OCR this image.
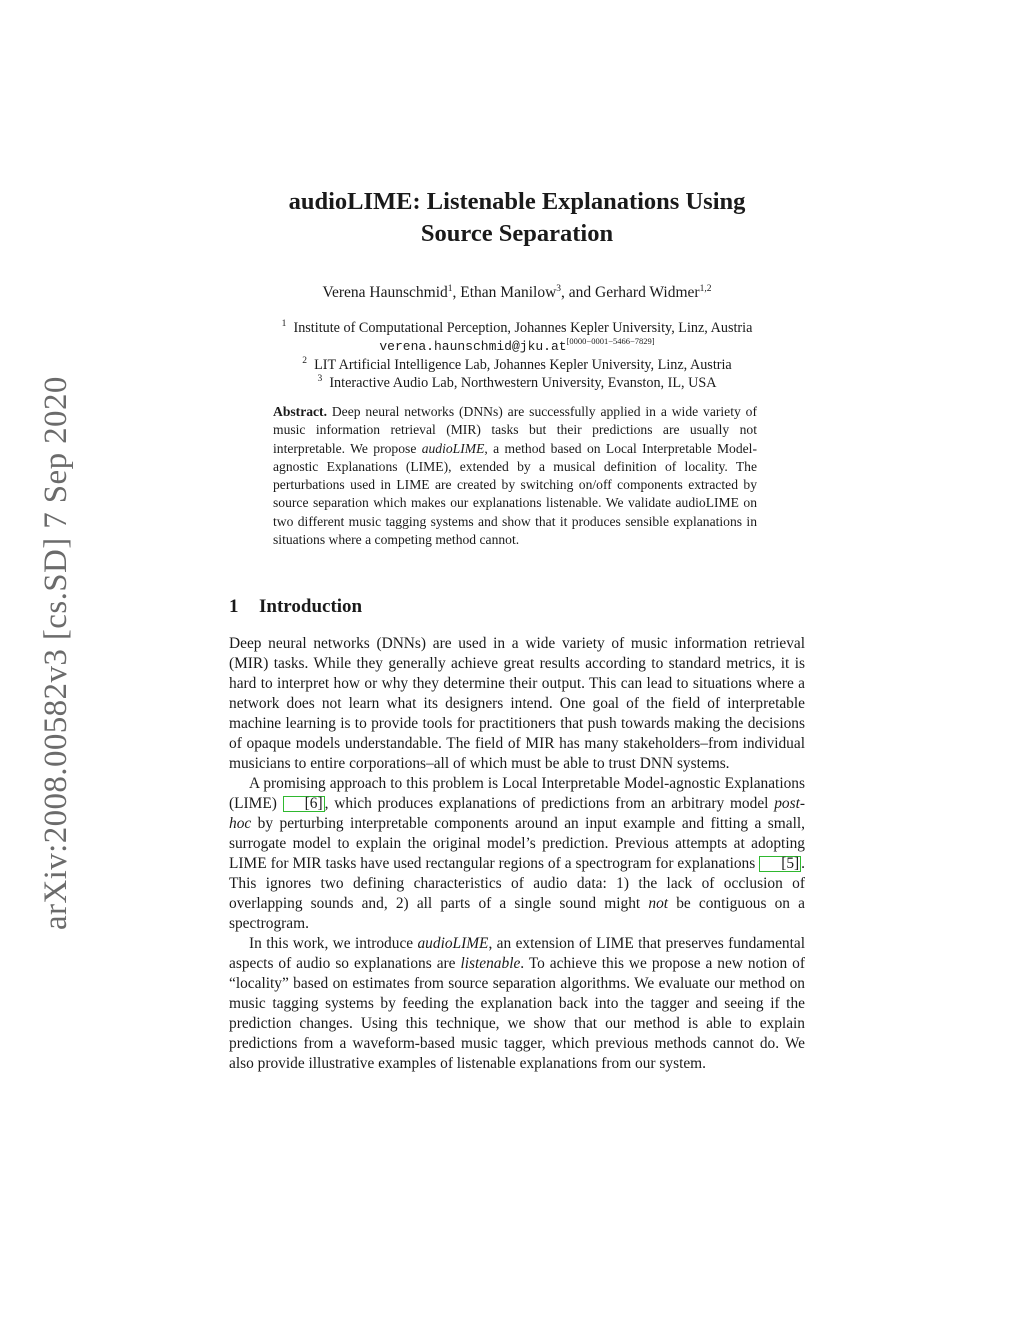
arXiv:2008.00582v3 [cs.SD] 7 Sep 2020
audioLIME: Listenable Explanations Using
Source Separation
Verena Haunschmid$^1$, Ethan Manilow$^3$, and Gerhard Widmer$^{1,2}$
$^1$ Institute of Computational Perception, Johannes Kepler University, Linz, Austria
verena.haunschmid@jku.at[0000−0001−5466−7829]
$^2$ LIT Artificial Intelligence Lab, Johannes Kepler University, Linz, Austria
$^3$ Interactive Audio Lab, Northwestern University, Evanston, IL, USA
Abstract. Deep neural networks (DNNs) are successfully applied in a wide variety of music information retrieval (MIR) tasks but their predictions are usually not interpretable. We propose audioLIME, a method based on Local Interpretable Model-agnostic Explanations (LIME), extended by a musical definition of locality. The perturbations used in LIME are created by switching on/off components extracted by source separation which makes our explanations listenable. We validate audioLIME on two different music tagging systems and show that it produces sensible explanations in situations where a competing method cannot.
1 Introduction

Deep neural networks (DNNs) are used in a wide variety of music information retrieval (MIR) tasks. While they generally achieve great results according to standard metrics, it is hard to interpret how or why they determine their output. This can lead to situations where a network does not learn what its designers intend. One goal of the field of interpretable machine learning is to provide tools for practitioners that push towards making the decisions of opaque models understandable. The field of MIR has many stakeholders–from individual musicians to entire corporations–all of which must be able to trust DNN systems.

A promising approach to this problem is Local Interpretable Model-agnostic Explanations (LIME) [6] , which produces explanations of predictions from an arbitrary model post-hoc by perturbing interpretable components around an input example and fitting a small, surrogate model to explain the original model’s prediction. Previous attempts at adopting LIME for MIR tasks have used rectangular regions of a spectrogram for explanations [5] . This ignores two defining characteristics of audio data: 1) the lack of occlusion of overlapping sounds and, 2) all parts of a single sound might not be contiguous on a spectrogram.

In this work, we introduce audioLIME, an extension of LIME that preserves fundamental aspects of audio so explanations are listenable. To achieve this we propose a new notion of “locality” based on estimates from source separation algorithms. We evaluate our method on music tagging systems by feeding the explanation back into the tagger and seeing if the prediction changes. Using this technique, we show that our method is able to explain predictions from a waveform-based music tagger, which previous methods cannot do. We also provide illustrative examples of listenable explanations from our system.
